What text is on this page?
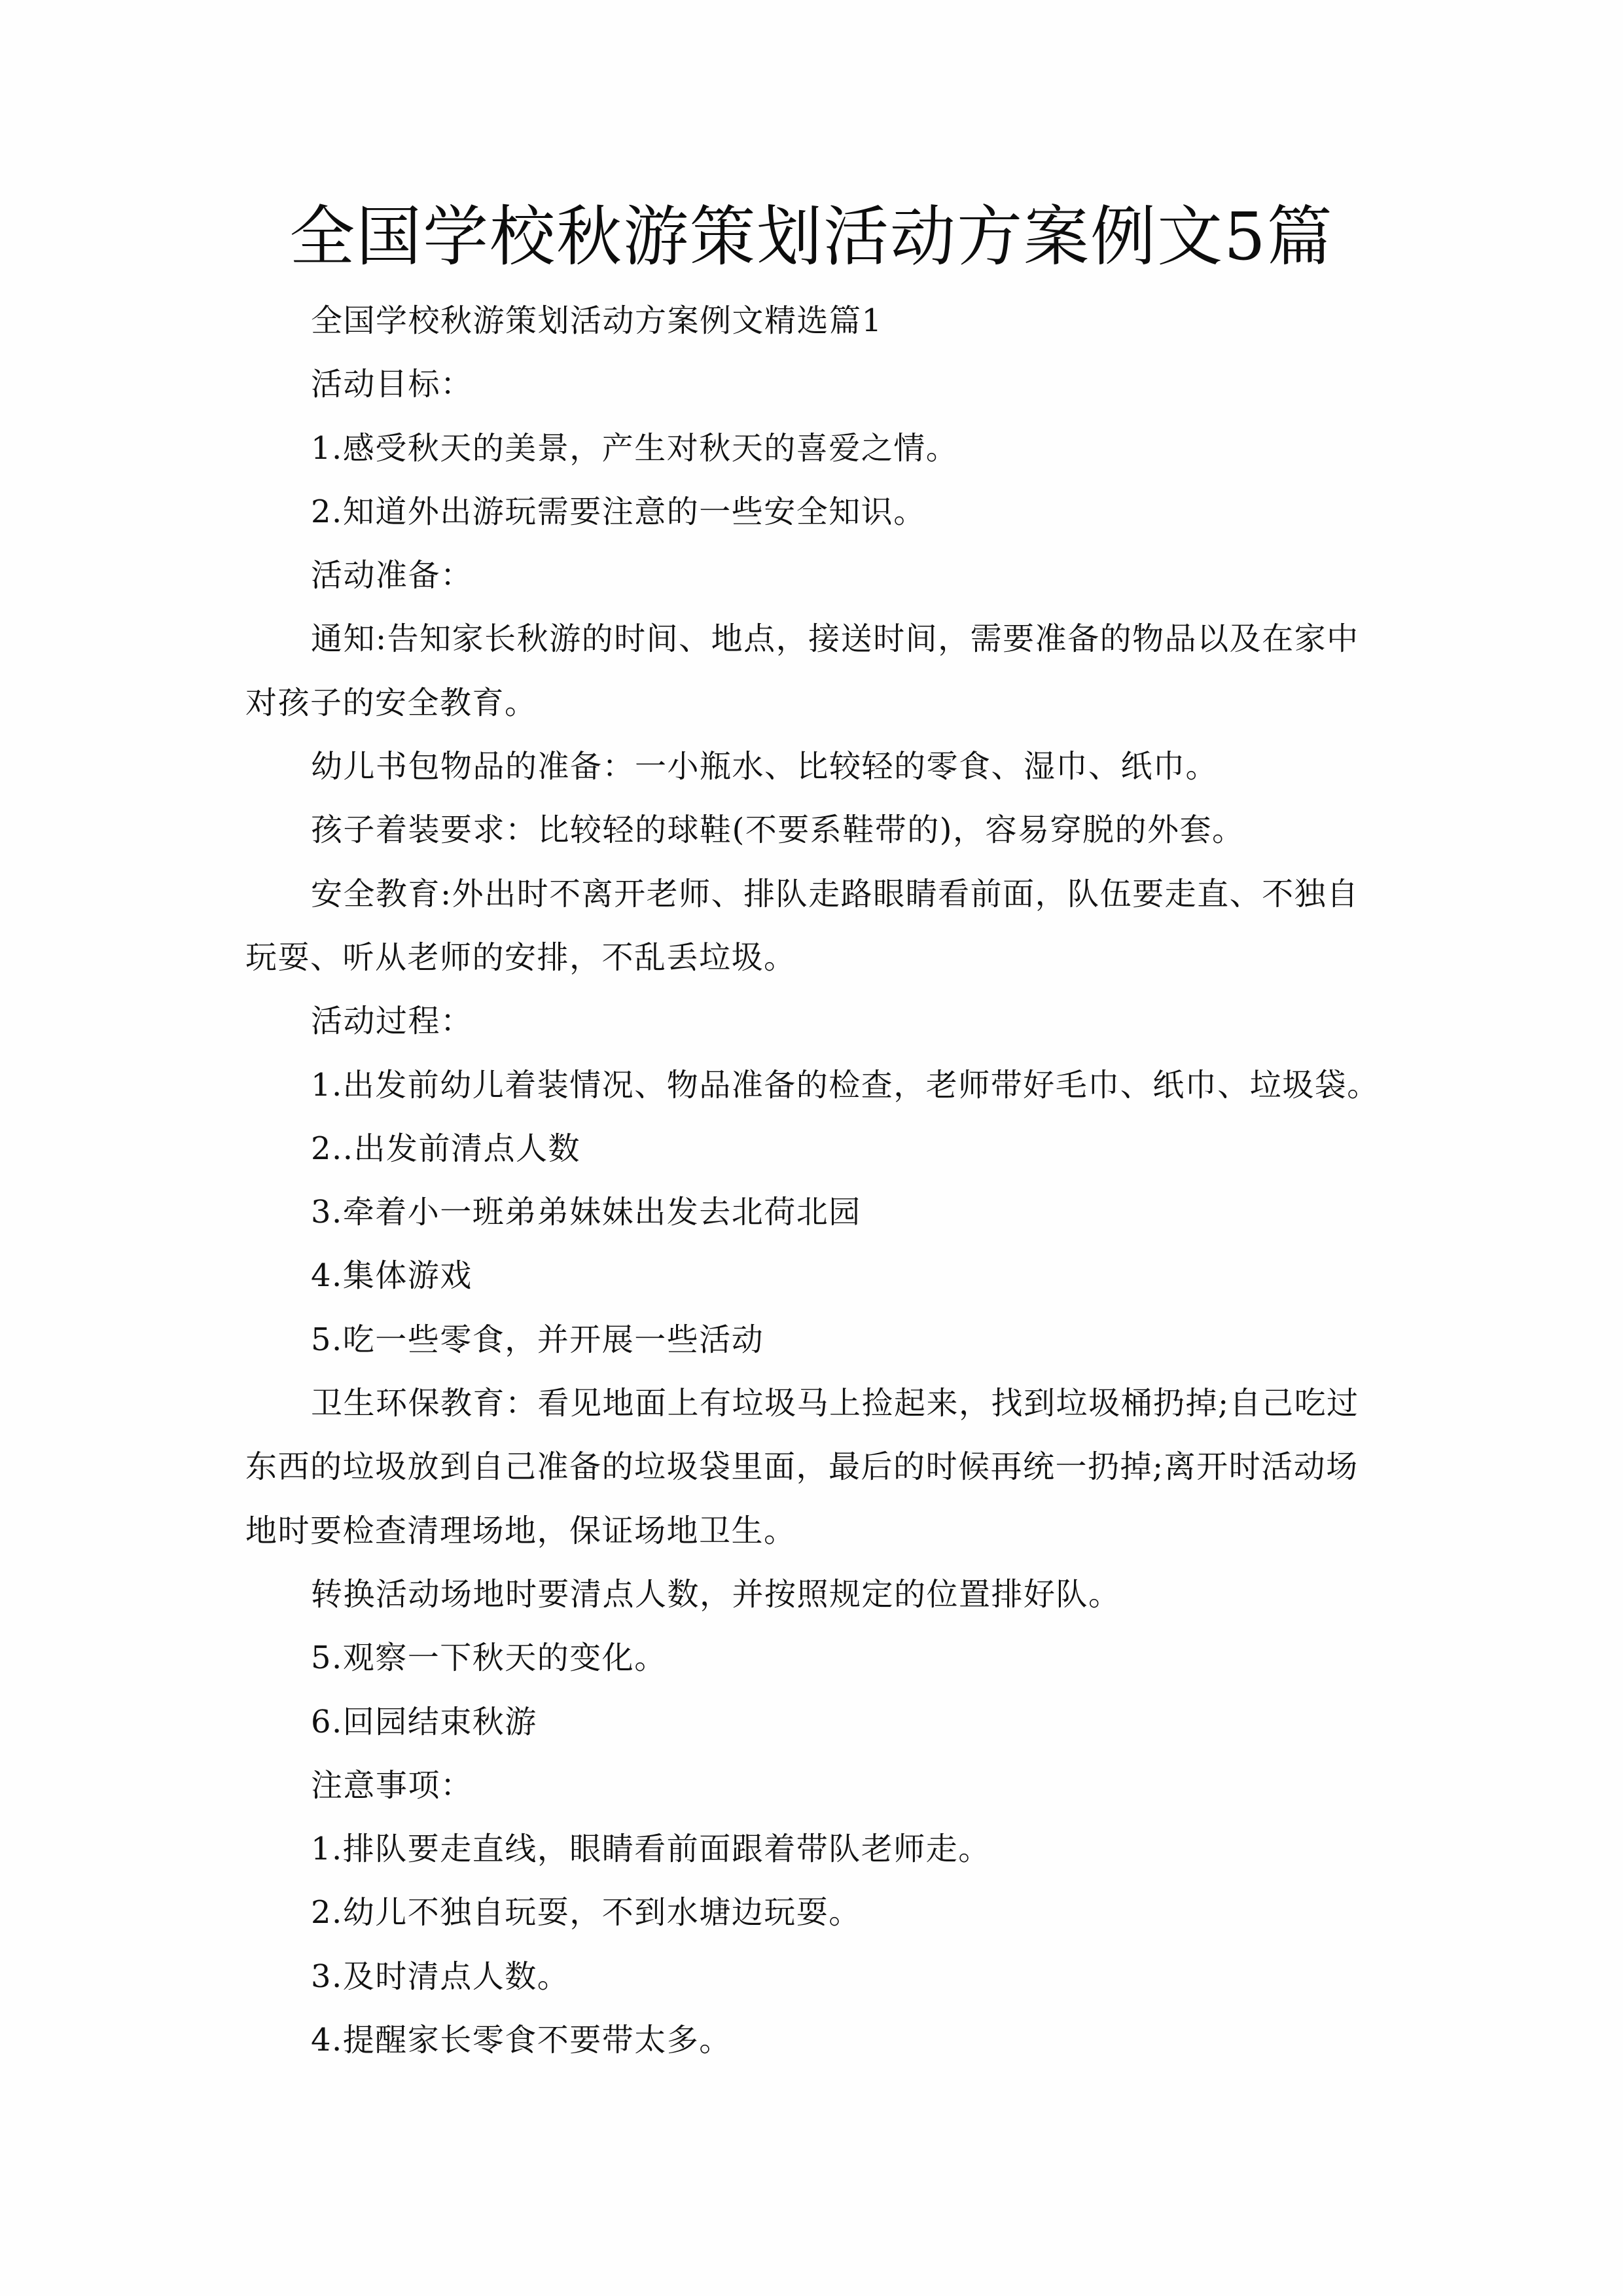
全国学校秋游策划活动方案例文5篇

全国学校秋游策划活动方案例文精选篇1

活动目标：

1.感受秋天的美景，产生对秋天的喜爱之情。

2.知道外出游玩需要注意的一些安全知识。

活动准备：

通知:告知家长秋游的时间、地点，接送时间，需要准备的物品以及在家中对孩子的安全教育。

幼儿书包物品的准备：一小瓶水、比较轻的零食、湿巾、纸巾。

孩子着装要求：比较轻的球鞋(不要系鞋带的)，容易穿脱的外套。

安全教育:外出时不离开老师、排队走路眼睛看前面，队伍要走直、不独自玩耍、听从老师的安排，不乱丢垃圾。

活动过程：

1.出发前幼儿着装情况、物品准备的检查，老师带好毛巾、纸巾、垃圾袋。

2..出发前清点人数

3.牵着小一班弟弟妹妹出发去北荷北园

4.集体游戏

5.吃一些零食，并开展一些活动

卫生环保教育：看见地面上有垃圾马上捡起来，找到垃圾桶扔掉;自己吃过东西的垃圾放到自己准备的垃圾袋里面，最后的时候再统一扔掉;离开时活动场地时要检查清理场地，保证场地卫生。

转换活动场地时要清点人数，并按照规定的位置排好队。

5.观察一下秋天的变化。

6.回园结束秋游

注意事项：

1.排队要走直线，眼睛看前面跟着带队老师走。

2.幼儿不独自玩耍，不到水塘边玩耍。

3.及时清点人数。

4.提醒家长零食不要带太多。
